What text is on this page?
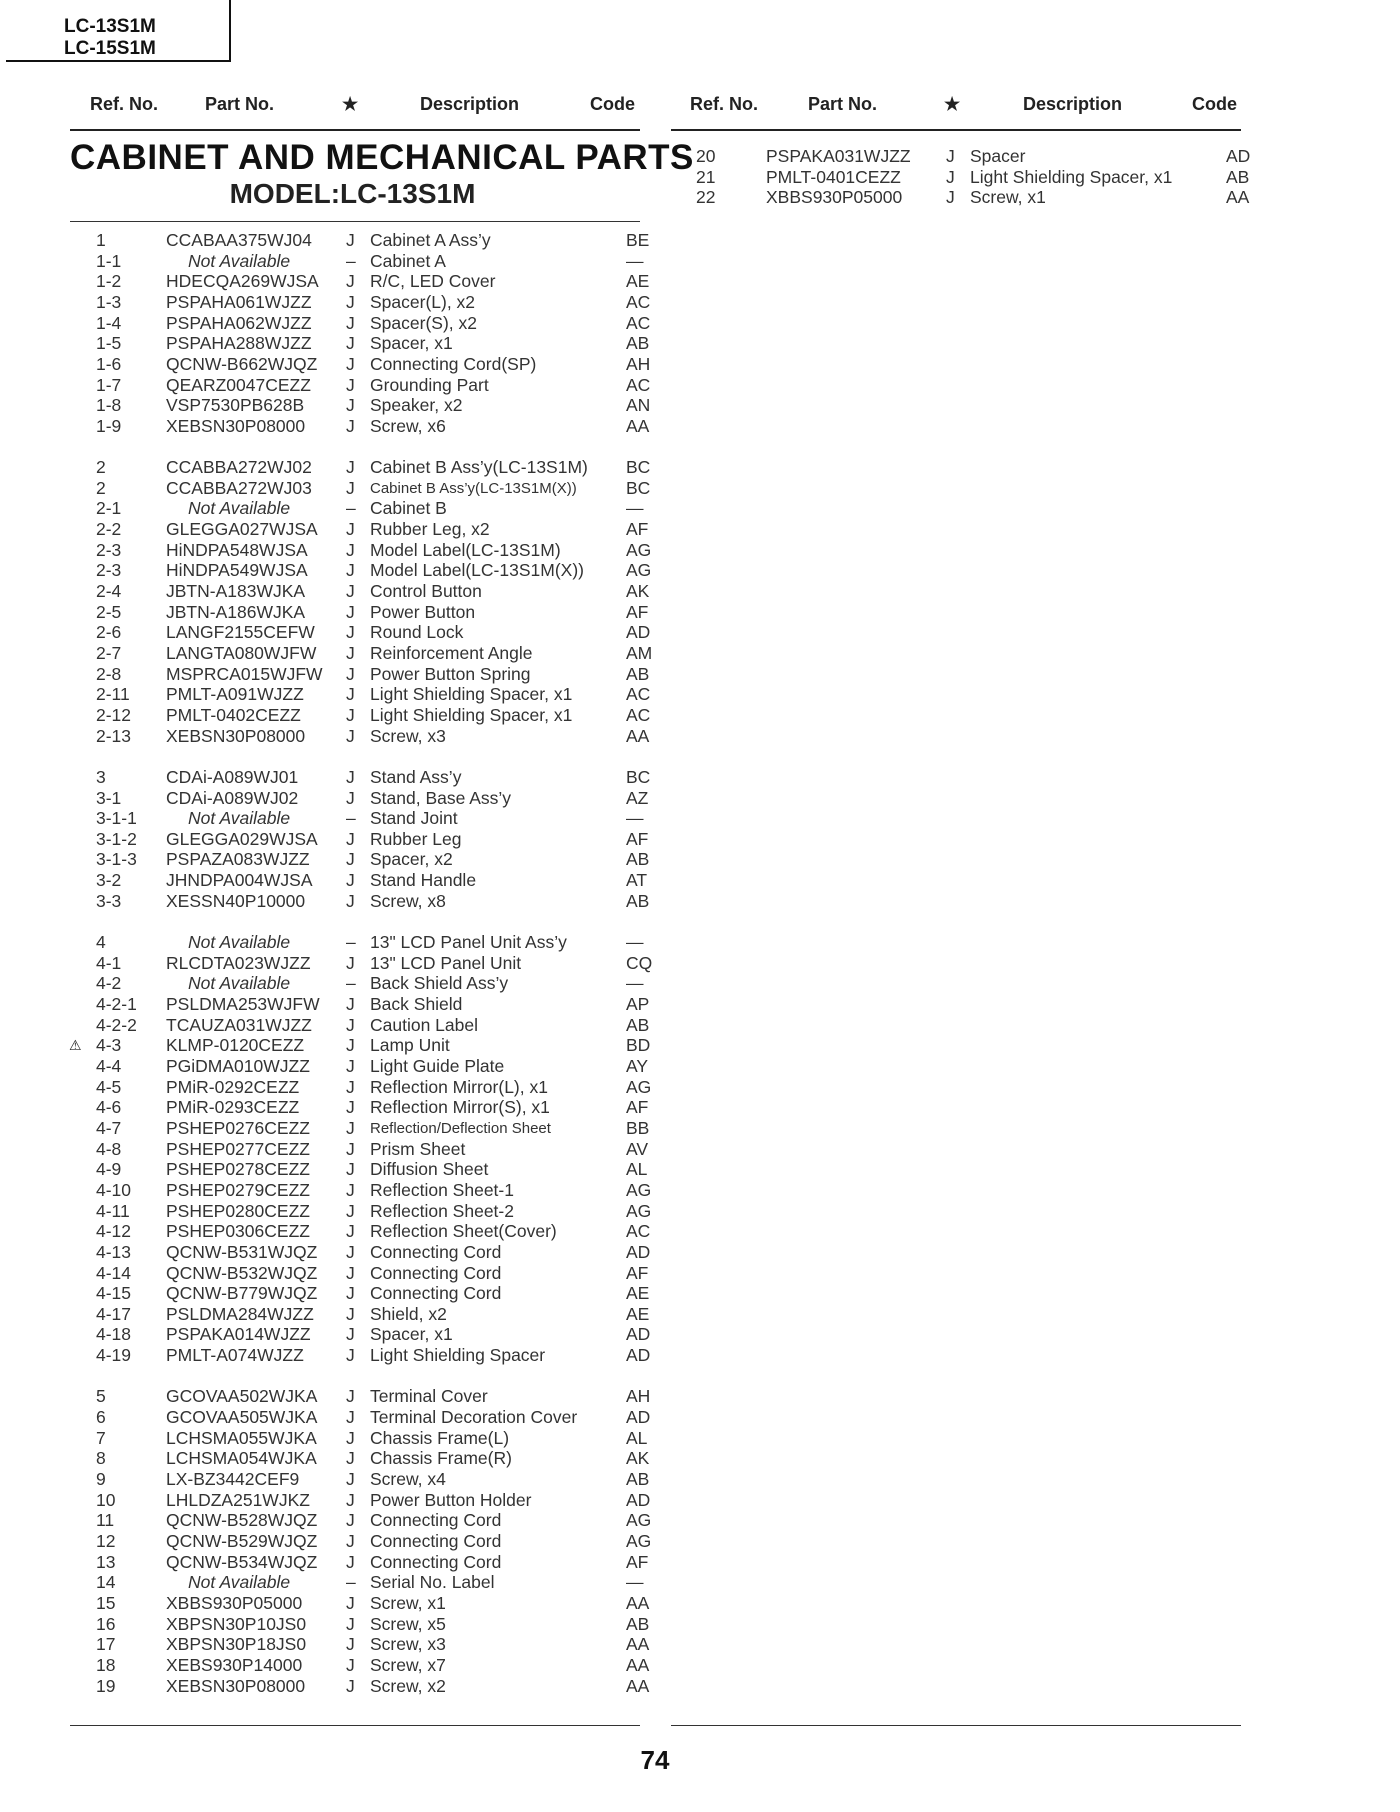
LC-13S1M
LC-15S1M
Ref. No.	Part No.	★	Description	Code	Ref. No.	Part No.	★	Description	Code
CABINET AND MECHANICAL PARTS
MODEL:LC-13S1M
1	CCABAA375WJ04 J Cabinet A Ass’y	BE
1-1	Not Available	– Cabinet A	—
1-2	HDECQA269WJSA J R/C, LED Cover	AE
1-3	PSPAHA061WJZZ J Spacer(L), x2	AC
1-4	PSPAHA062WJZZ J Spacer(S), x2	AC
1-5	PSPAHA288WJZZ J Spacer, x1	AB
1-6	QCNW-B662WJQZ J Connecting Cord(SP)	AH
1-7	QEARZ0047CEZZ J Grounding Part	AC
1-8	VSP7530PB628B J Speaker, x2	AN
1-9	XEBSN30P08000 J Screw, x6	AA
2	CCABBA272WJ02 J Cabinet B Ass’y(LC-13S1M) BC
2	CCABBA272WJ03 J Cabinet B Ass’y(LC-13S1M(X))	BC
2-1	Not Available	– Cabinet B	—
2-2	GLEGGA027WJSA J Rubber Leg, x2	AF
2-3	HiNDPA548WJSA J Model Label(LC-13S1M)	AG
2-3	HiNDPA549WJSA J Model Label(LC-13S1M(X)) AG
2-4	JBTN-A183WJKA J Control Button	AK
2-5	JBTN-A186WJKA J Power Button	AF
2-6	LANGF2155CEFW J Round Lock	AD
2-7	LANGTA080WJFW J Reinforcement Angle	AM
2-8	MSPRCA015WJFW J Power Button Spring	AB
2-11 PMLT-A091WJZZ J Light Shielding Spacer, x1	AC
2-12 PMLT-0402CEZZ	J Light Shielding Spacer, x1	AC
2-13 XEBSN30P08000 J Screw, x3	AA
3	CDAi-A089WJ01	J Stand Ass’y	BC
3-1	CDAi-A089WJ02	J Stand, Base Ass’y	AZ
3-1-1	Not Available	– Stand Joint	—
3-1-2 GLEGGA029WJSA J Rubber Leg	AF
3-1-3 PSPAZA083WJZZ J Spacer, x2	AB
3-2	JHNDPA004WJSA J Stand Handle	AT
3-3	XESSN40P10000 J Screw, x8	AB
4	Not Available	– 13" LCD Panel Unit Ass’y	—
4-1	RLCDTA023WJZZ J 13" LCD Panel Unit	CQ
4-2	Not Available	– Back Shield Ass’y	—
4-2-1 PSLDMA253WJFW J Back Shield	AP
4-2-2 TCAUZA031WJZZ J Caution Label	AB
4-3	KLMP-0120CEZZ J Lamp Unit	BD
⚠
4-4	PGiDMA010WJZZ J Light Guide Plate	AY
4-5	PMiR-0292CEZZ	J Reflection Mirror(L), x1	AG
4-6	PMiR-0293CEZZ	J Reflection Mirror(S), x1	AF
4-7	PSHEP0276CEZZ J Reflection/Deflection Sheet	BB
4-8	PSHEP0277CEZZ J Prism Sheet	AV
4-9	PSHEP0278CEZZ J Diffusion Sheet	AL
4-10 PSHEP0279CEZZ J Reflection Sheet-1	AG
4-11 PSHEP0280CEZZ J Reflection Sheet-2	AG
4-12 PSHEP0306CEZZ J Reflection Sheet(Cover)	AC
4-13 QCNW-B531WJQZ J Connecting Cord	AD
4-14 QCNW-B532WJQZ J Connecting Cord	AF
4-15 QCNW-B779WJQZ J Connecting Cord	AE
4-17 PSLDMA284WJZZ J Shield, x2	AE
4-18 PSPAKA014WJZZ J Spacer, x1	AD
4-19 PMLT-A074WJZZ J Light Shielding Spacer	AD
5	GCOVAA502WJKA J Terminal Cover	AH
6	GCOVAA505WJKA J Terminal Decoration Cover	AD
7	LCHSMA055WJKA J Chassis Frame(L)	AL
8	LCHSMA054WJKA J Chassis Frame(R)	AK
9	LX-BZ3442CEF9	J Screw, x4	AB
10	LHLDZA251WJKZ J Power Button Holder	AD
11	QCNW-B528WJQZ J Connecting Cord	AG
12	QCNW-B529WJQZ J Connecting Cord	AG
13	QCNW-B534WJQZ J Connecting Cord	AF
14	Not Available	– Serial No. Label	—
15	XBBS930P05000	J Screw, x1	AA
16	XBPSN30P10JS0 J Screw, x5	AB
17	XBPSN30P18JS0 J Screw, x3	AA
18	XEBS930P14000	J Screw, x7	AA
19	XEBSN30P08000 J Screw, x2	AA
20	PSPAKA031WJZZ J Spacer	AD
21	PMLT-0401CEZZ	J Light Shielding Spacer, x1	AB
22	XBBS930P05000	J Screw, x1	AA
74
